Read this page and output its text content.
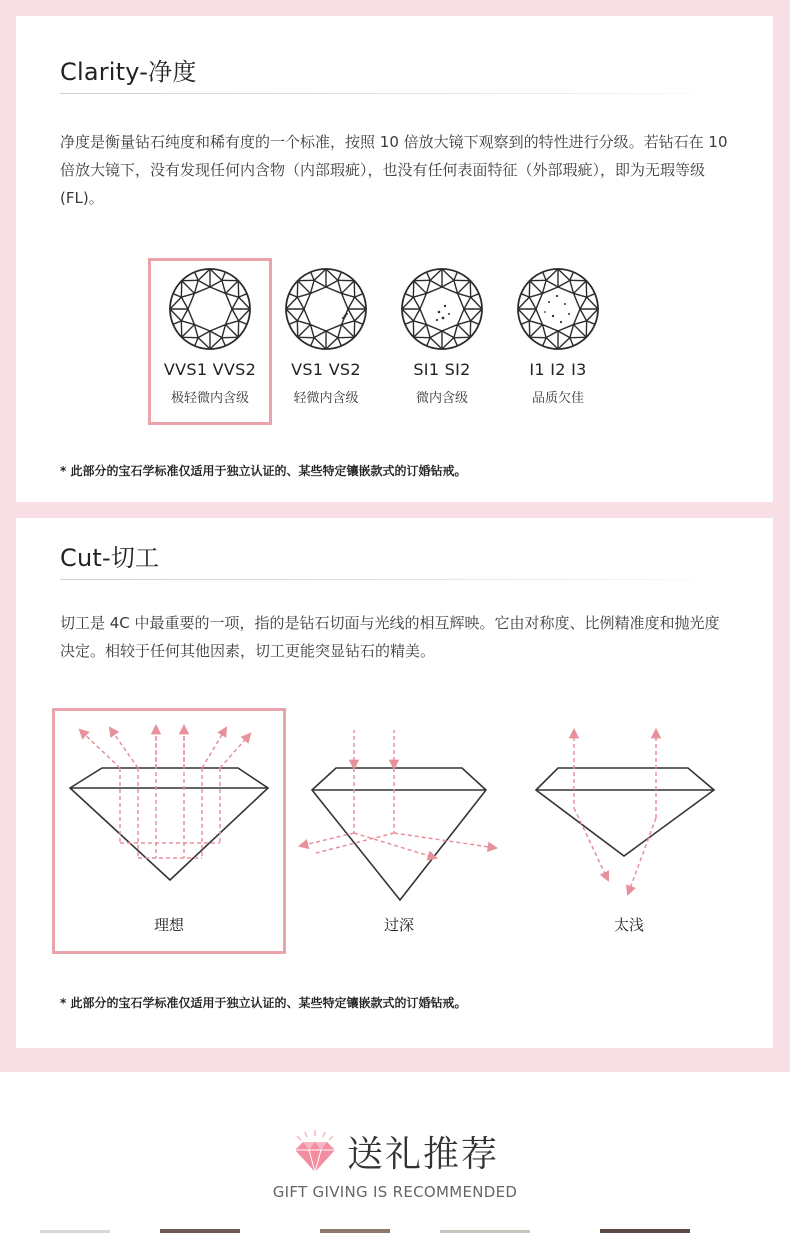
Clarity-净度

净度是衡量钻石纯度和稀有度的一个标准，按照 10 倍放大镜下观察到的特性进行分级。若钻石在 10 倍放大镜下，没有发现任何内含物（内部瑕疵），也没有任何表面特征（外部瑕疵），即为无瑕等级 (FL)。

VVS1 VVS2
极轻微内含级
VS1 VS2
轻微内含级
SI1 SI2
微内含级
I1 I2 I3
品质欠佳
* 此部分的宝石学标准仅适用于独立认证的、某些特定镶嵌款式的订婚钻戒。
Cut-切工

切工是 4C 中最重要的一项，指的是钻石切面与光线的相互辉映。它由对称度、比例精准度和抛光度决定。相较于任何其他因素，切工更能突显钻石的精美。

理想	过深	太浅
* 此部分的宝石学标准仅适用于独立认证的、某些特定镶嵌款式的订婚钻戒。
送礼推荐
GIFT GIVING IS RECOMMENDED
